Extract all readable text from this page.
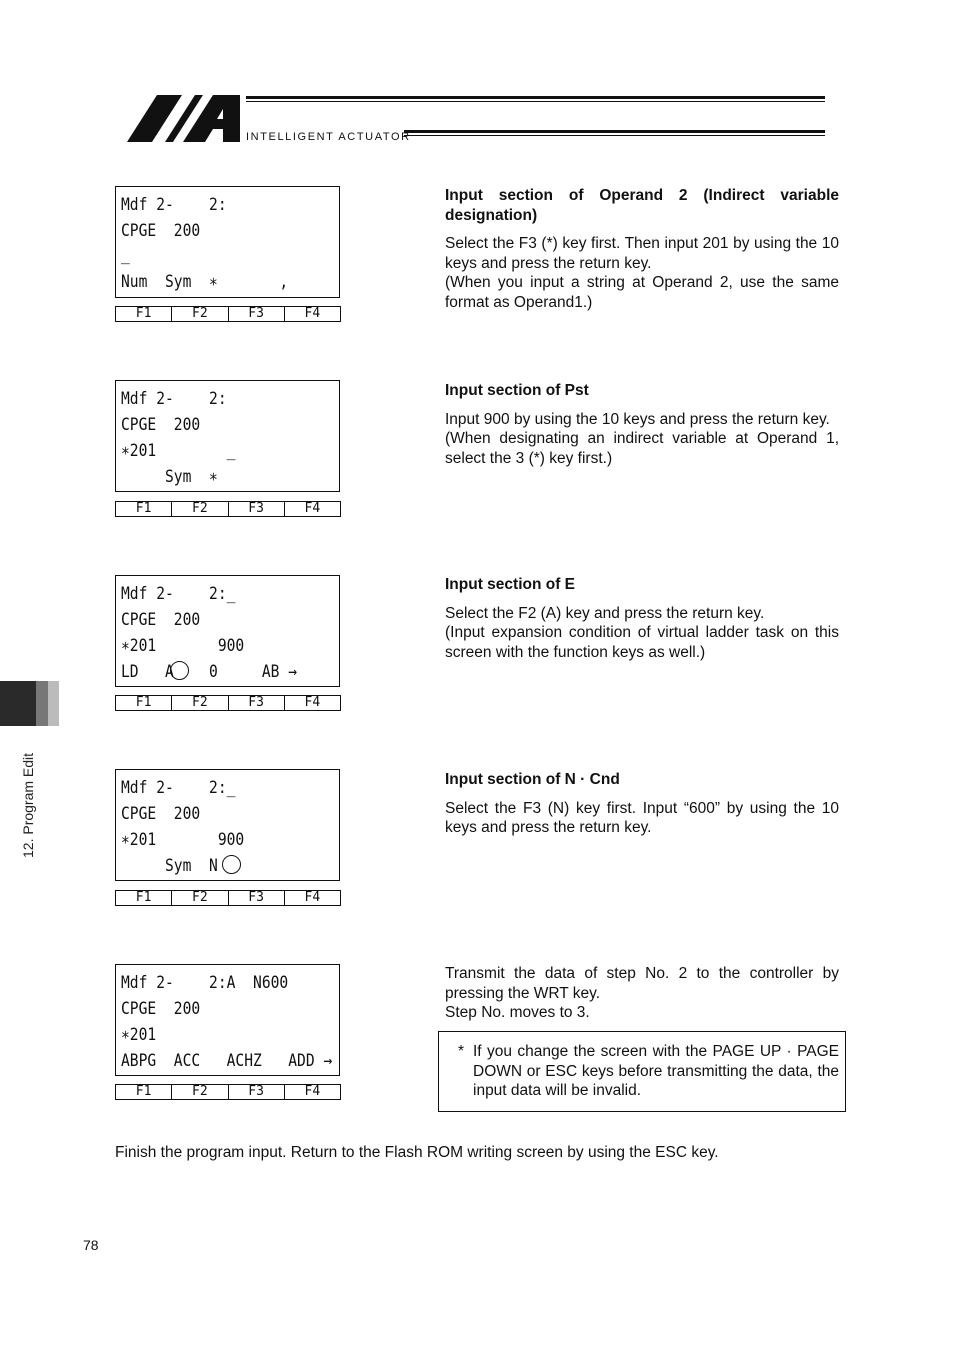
INTELLIGENT ACTUATOR
12. Program Edit
Mdf 2-    2:
CPGE  200
_
Num  Sym  ∗       ,
F1	F2	F3	F4
Input section of Operand 2 (Indirect variable designation)
Select the F3 (*) key first. Then input 201 by using the 10 keys and press the return key.
(When you input a string at Operand 2, use the same format as Operand1.)
Mdf 2-    2:
CPGE  200
∗201        _
Sym  ∗
F1	F2	F3	F4
Input section of Pst
Input 900 by using the 10 keys and press the return key.
(When designating an indirect variable at Operand 1, select the 3 (*) key first.)
Mdf 2-    2:_
CPGE  200
∗201       900
LD   A    0     AB →
F1	F2	F3	F4
Input section of E
Select the F2 (A) key and press the return key.
(Input expansion condition of virtual ladder task on this screen with the function keys as well.)
Mdf 2-    2:_
CPGE  200
∗201       900
Sym  N
F1	F2	F3	F4
Input section of N · Cnd
Select the F3 (N) key first. Input “600” by using the 10 keys and press the return key.
Mdf 2-    2:A  N600
CPGE  200
∗201
ABPG  ACC   ACHZ   ADD →
F1	F2	F3	F4
Transmit the data of step No. 2 to the controller by pressing the WRT key.
Step No. moves to 3.
* If you change the screen with the PAGE UP · PAGE DOWN or ESC keys before transmitting the data, the input data will be invalid.
Finish the program input. Return to the Flash ROM writing screen by using the ESC key.
78
